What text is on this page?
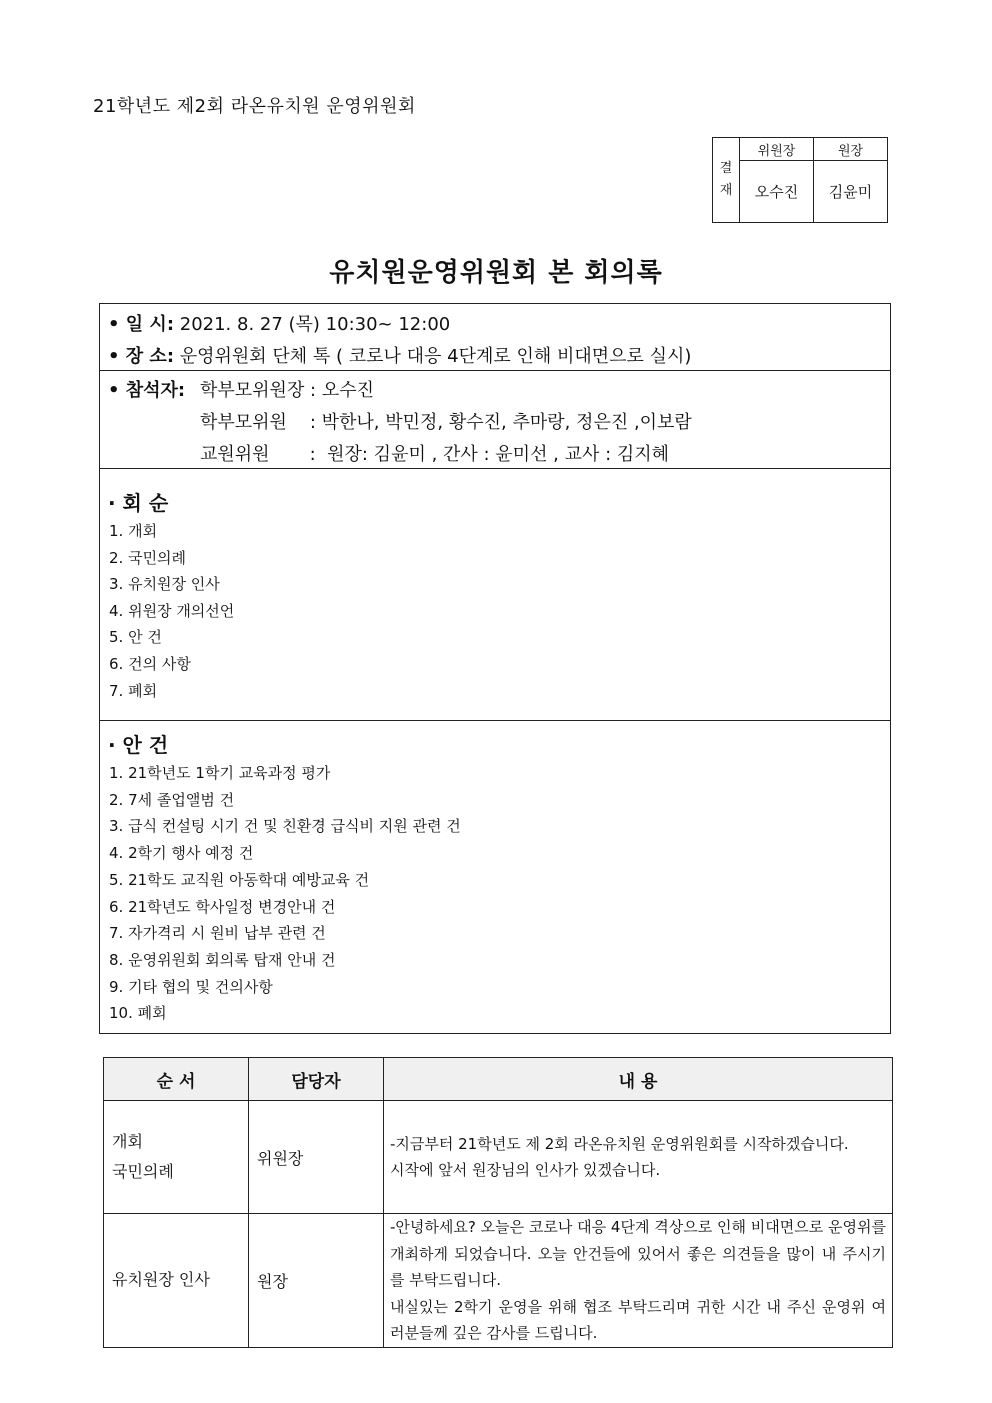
21학년도 제2회 라온유치원 운영위원회
결
재	위원장	원장
	오수진	김윤미
유치원운영위원회 본 회의록
• 일 시: 2021. 8. 27 (목) 10:30~ 12:00
• 장 소: 운영위원회 단체 톡 ( 코로나 대응 4단계로 인해 비대면으로 실시)
• 참석자: 학부모위원장 : 오수진
학부모위원    : 박한나, 박민정, 황수진, 추마랑, 정은진 ,이보람
교원위원       :  원장: 김윤미 , 간사 : 윤미선 , 교사 : 김지혜
· 회 순
1. 개회
2. 국민의례
3. 유치원장 인사
4. 위원장 개의선언
5. 안 건
6. 건의 사항
7. 폐회
· 안 건
1. 21학년도 1학기 교육과정 평가
2. 7세 졸업앨범 건
3. 급식 컨설팅 시기 건 및 친환경 급식비 지원 관련 건
4. 2학기 행사 예정 건
5. 21학도 교직원 아동학대 예방교육 건
6. 21학년도 학사일정 변경안내 건
7. 자가격리 시 원비 납부 관련 건
8. 운영위원회 회의록 탑재 안내 건
9. 기타 협의 및 건의사항
10. 폐회
순 서	담당자	내 용

개회
국민의례	위원장	-지금부터 21학년도 제 2회 라온유치원 운영위원회를 시작하겠습니다.
시작에 앞서 원장님의 인사가 있겠습니다.

유치원장 인사	원장	-안녕하세요? 오늘은 코로나 대응 4단계 격상으로 인해 비대면으로 운영위를 개최하게 되었습니다. 오늘 안건들에 있어서 좋은 의견들을 많이 내 주시기를 부탁드립니다.
내실있는 2학기 운영을 위해 협조 부탁드리며 귀한 시간 내 주신 운영위 여러분들께 깊은 감사를 드립니다.
